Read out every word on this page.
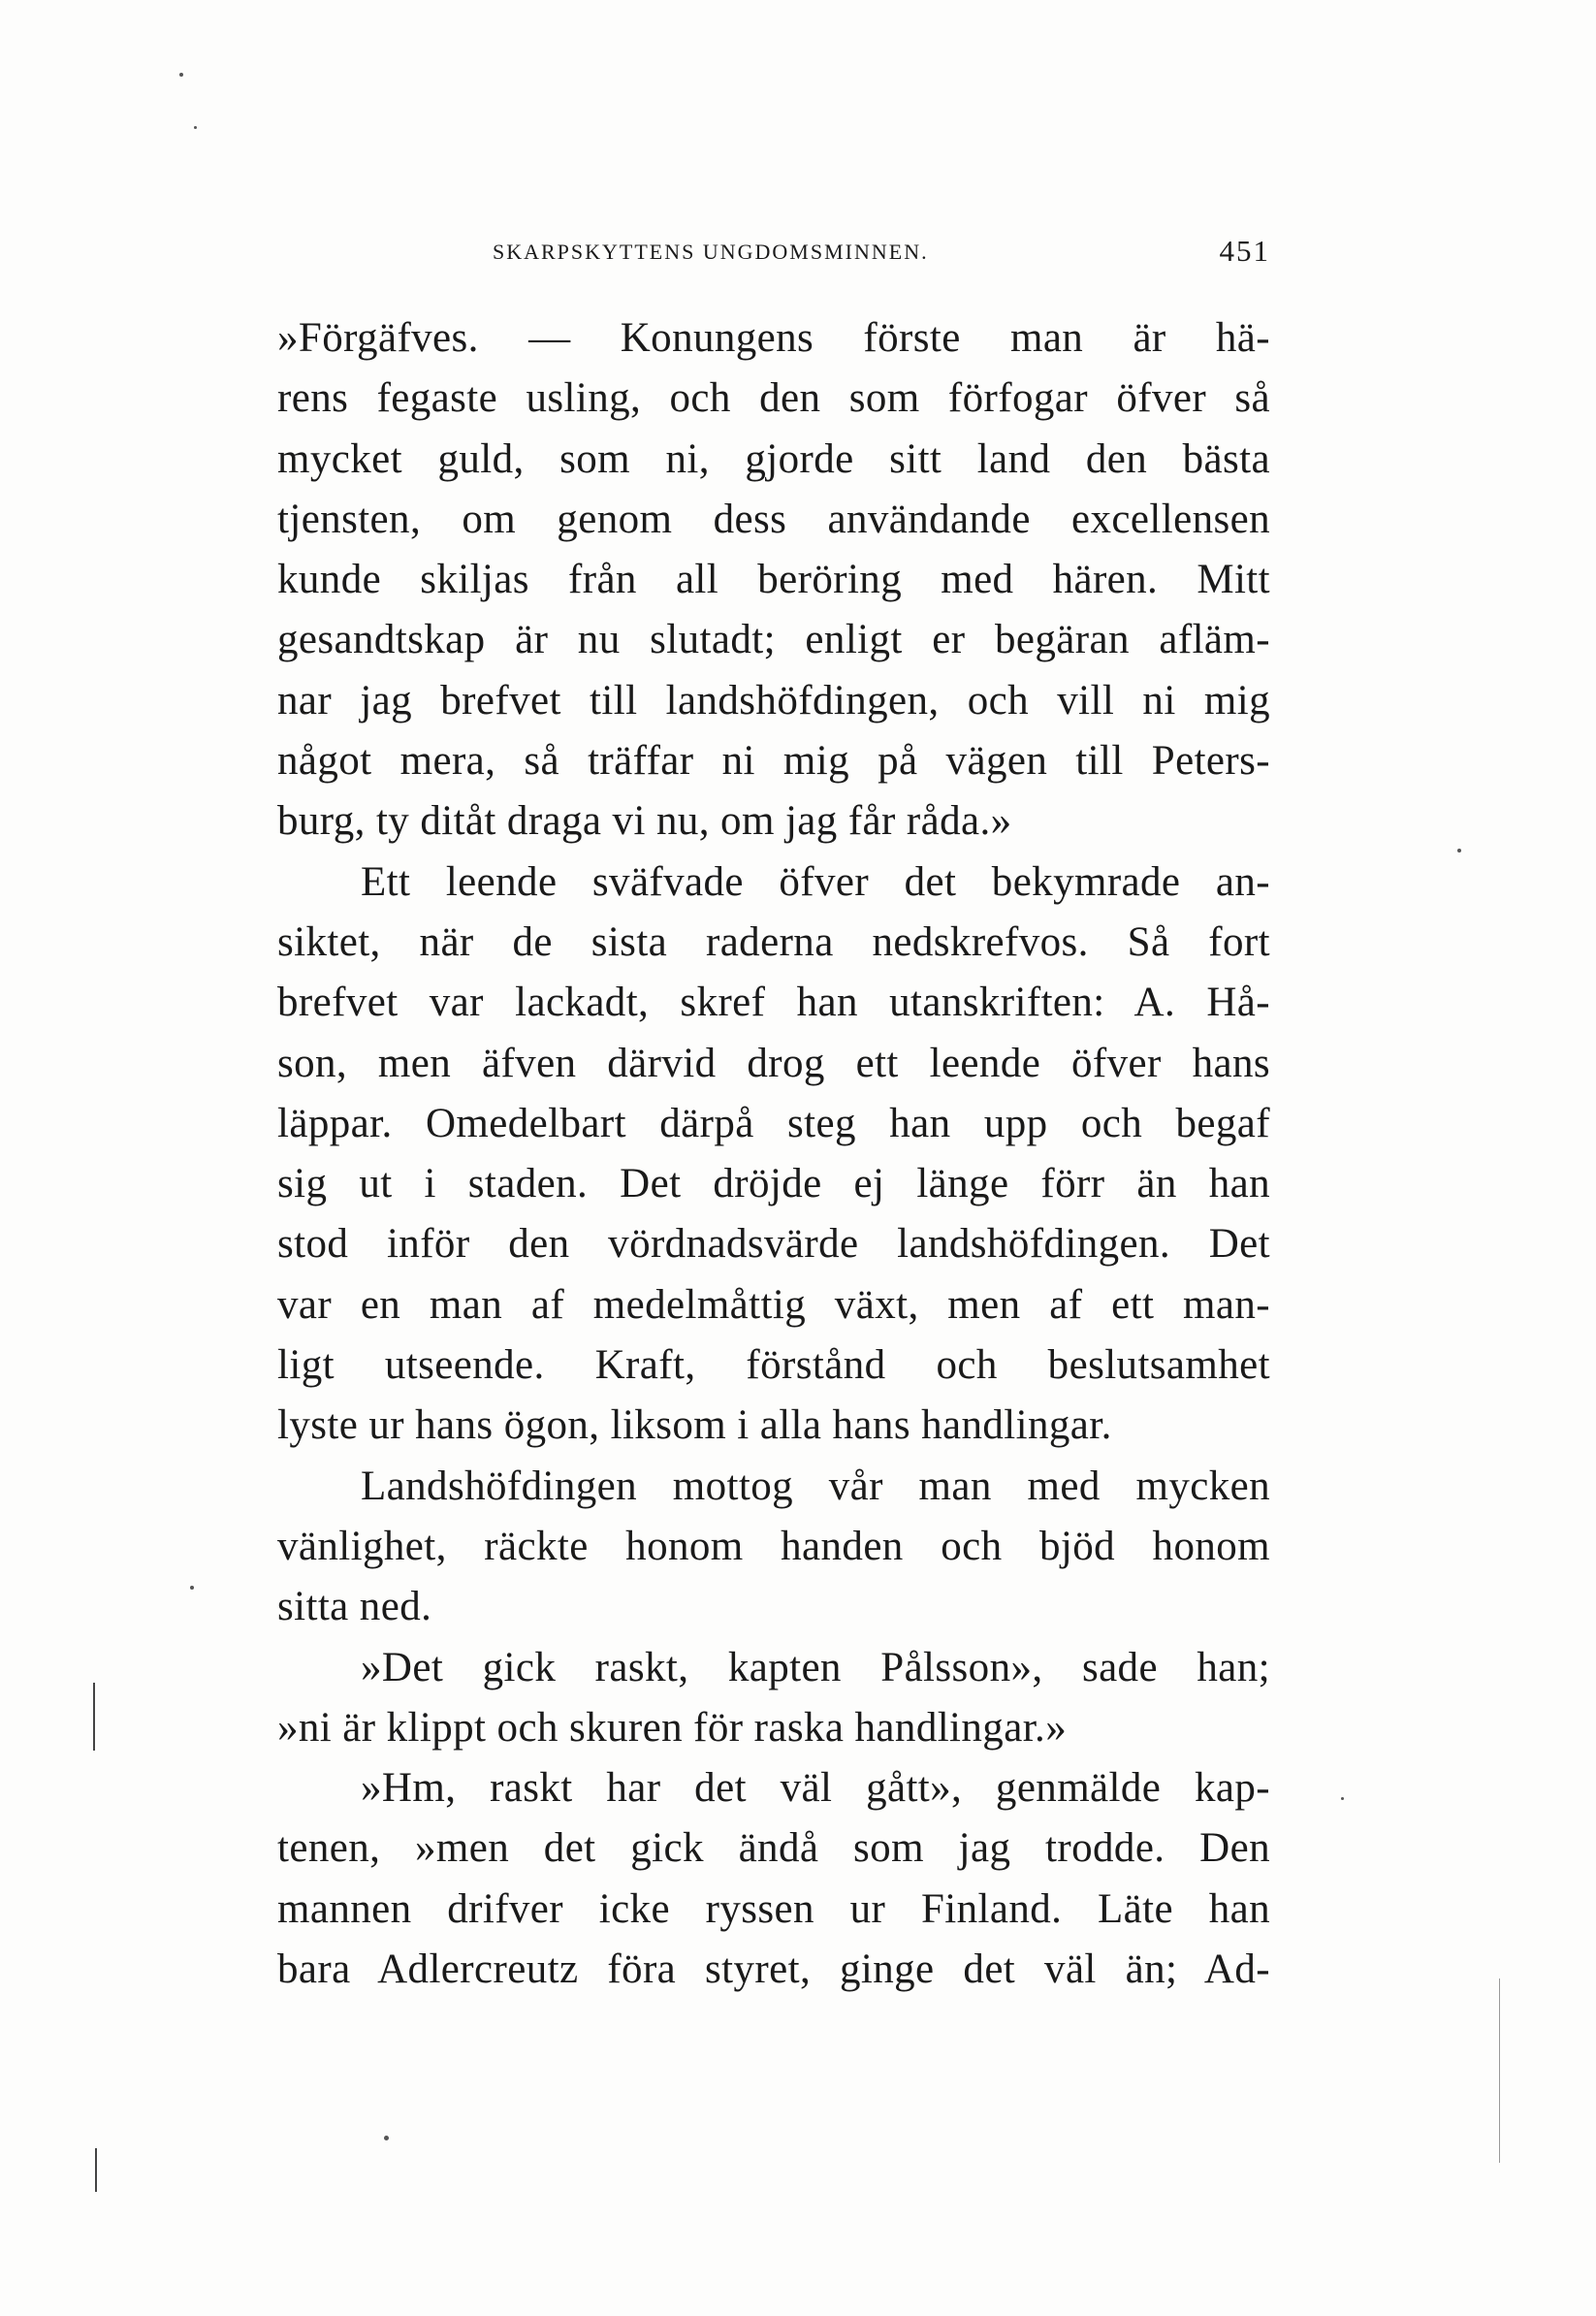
SKARPSKYTTENS UNGDOMSMINNEN.	451
»Förgäfves. — Konungens förste man är hä-
rens fegaste usling, och den som förfogar öfver så
mycket guld, som ni, gjorde sitt land den bästa
tjensten, om genom dess användande excellensen
kunde skiljas från all beröring med hären. Mitt
gesandtskap är nu slutadt; enligt er begäran afläm-
nar jag brefvet till landshöfdingen, och vill ni mig
något mera, så träffar ni mig på vägen till Peters-
burg, ty ditåt draga vi nu, om jag får råda.»
Ett leende sväfvade öfver det bekymrade an-
siktet, när de sista raderna nedskrefvos. Så fort
brefvet var lackadt, skref han utanskriften: A. Hå-
son, men äfven därvid drog ett leende öfver hans
läppar. Omedelbart därpå steg han upp och begaf
sig ut i staden. Det dröjde ej länge förr än han
stod inför den vördnadsvärde landshöfdingen. Det
var en man af medelmåttig växt, men af ett man-
ligt utseende. Kraft, förstånd och beslutsamhet
lyste ur hans ögon, liksom i alla hans handlingar.
Landshöfdingen mottog vår man med mycken
vänlighet, räckte honom handen och bjöd honom
sitta ned.
»Det gick raskt, kapten Pålsson», sade han;
»ni är klippt och skuren för raska handlingar.»
»Hm, raskt har det väl gått», genmälde kap-
tenen, »men det gick ändå som jag trodde. Den
mannen drifver icke ryssen ur Finland. Läte han
bara Adlercreutz föra styret, ginge det väl än; Ad-
